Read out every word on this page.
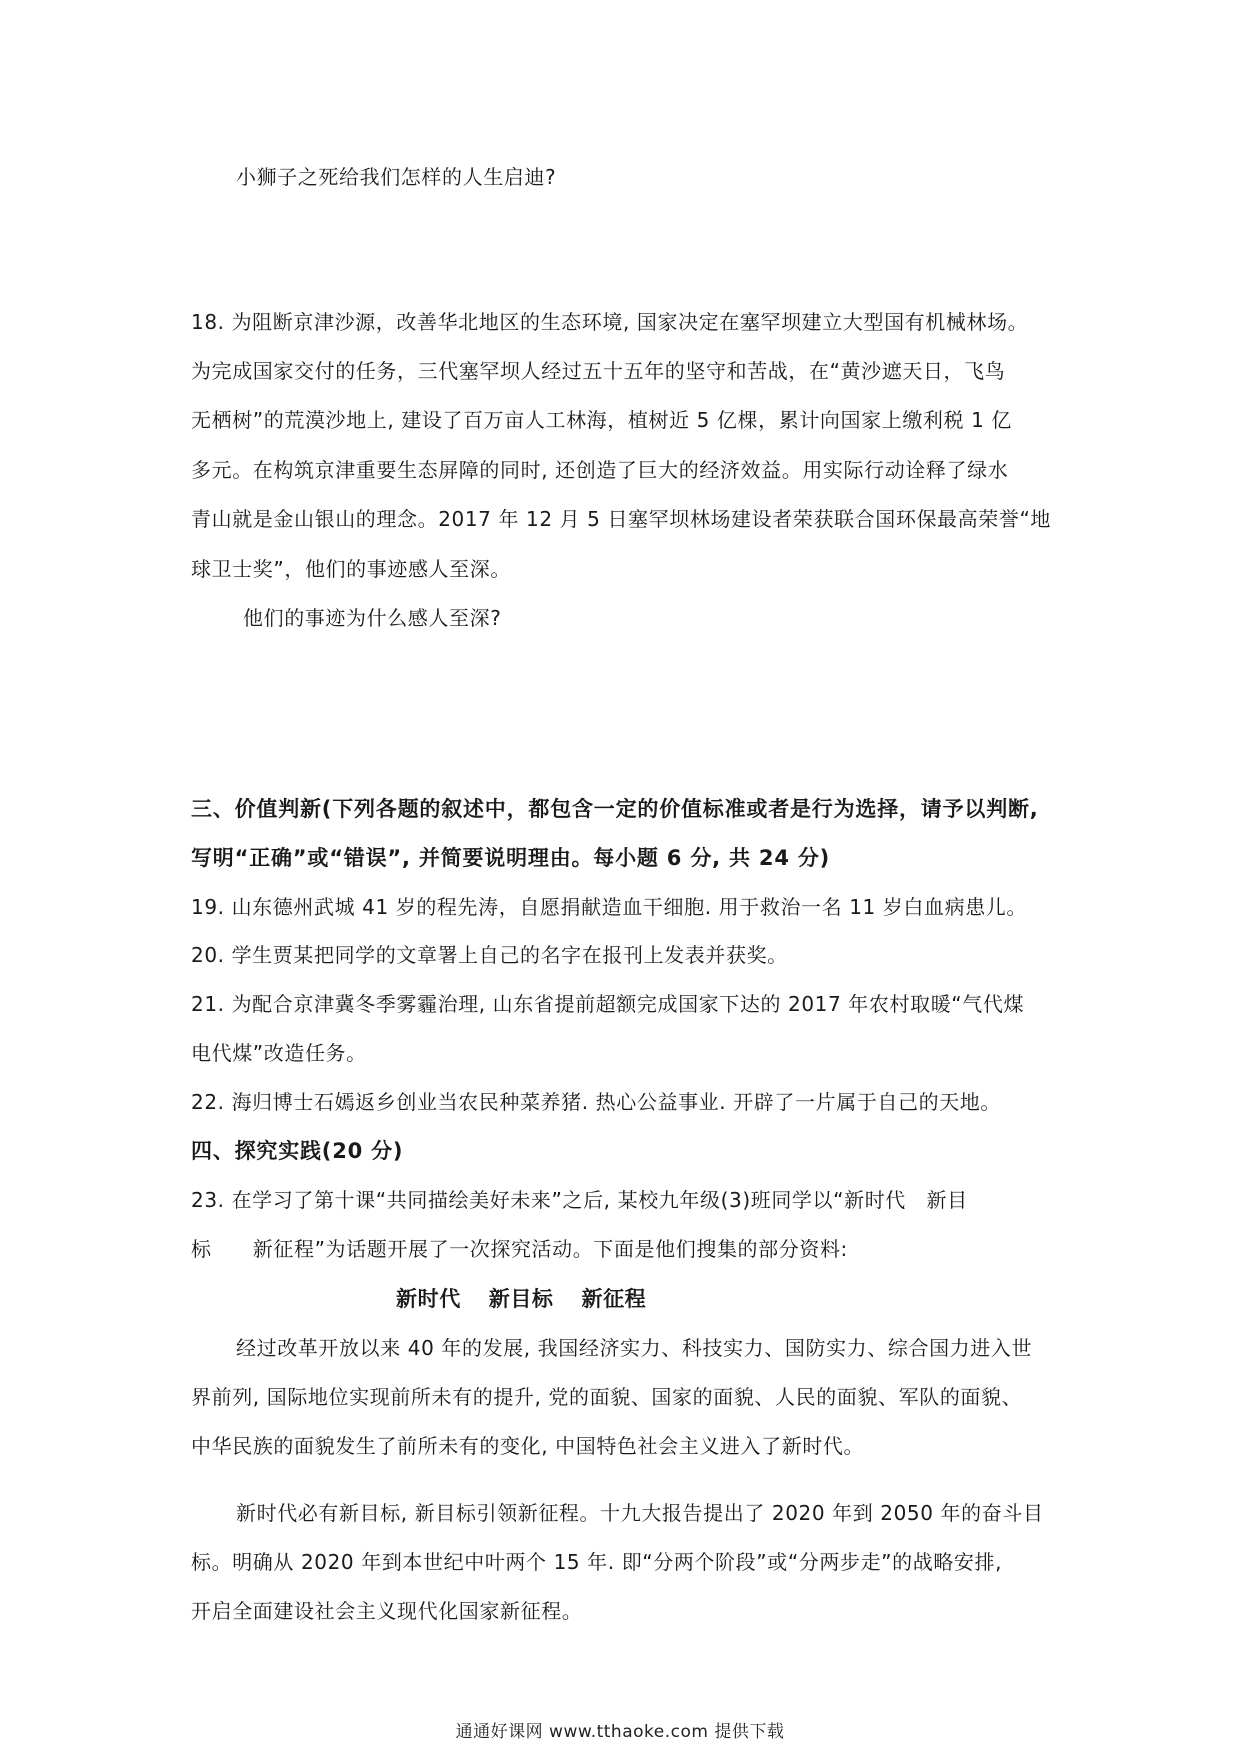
小狮子之死给我们怎样的人生启迪?
18. 为阻断京津沙源，改善华北地区的生态环境, 国家决定在塞罕坝建立大型国有机械林场。
为完成国家交付的任务，三代塞罕坝人经过五十五年的坚守和苦战，在“黄沙遮天日，飞鸟
无栖树”的荒漠沙地上, 建设了百万亩人工林海，植树近 5 亿棵，累计向国家上缴利税 1 亿
多元。在构筑京津重要生态屏障的同时, 还创造了巨大的经济效益。用实际行动诠释了绿水
青山就是金山银山的理念。2017 年 12 月 5 日塞罕坝林场建设者荣获联合国环保最高荣誉“地
球卫士奖”，他们的事迹感人至深。
他们的事迹为什么感人至深?
三、价值判新(下列各题的叙述中，都包含一定的价值标准或者是行为选择，请予以判断,
写明“正确”或“错误”, 并简要说明理由。每小题 6 分, 共 24 分)
19. 山东德州武城 41 岁的程先涛，自愿捐献造血干细胞. 用于救治一名 11 岁白血病患儿。
20. 学生贾某把同学的文章署上自己的名字在报刊上发表并获奖。
21. 为配合京津冀冬季雾霾治理, 山东省提前超额完成国家下达的 2017 年农村取暖“气代煤
电代煤”改造任务。
22. 海归博士石嫣返乡创业当农民种菜养猪. 热心公益事业. 开辟了一片属于自己的天地。
四、探究实践(20 分)
23. 在学习了第十课“共同描绘美好未来”之后, 某校九年级(3)班同学以“新时代　新目
标　　新征程”为话题开展了一次探究活动。下面是他们搜集的部分资料:
新时代 新目标 新征程
经过改革开放以来 40 年的发展, 我国经济实力、科技实力、国防实力、综合国力进入世
界前列, 国际地位实现前所未有的提升, 党的面貌、国家的面貌、人民的面貌、军队的面貌、
中华民族的面貌发生了前所未有的变化, 中国特色社会主义进入了新时代。
新时代必有新目标, 新目标引领新征程。十九大报告提出了 2020 年到 2050 年的奋斗目
标。明确从 2020 年到本世纪中叶两个 15 年. 即“分两个阶段”或“分两步走”的战略安排,
开启全面建设社会主义现代化国家新征程。
通通好课网 www.tthaoke.com 提供下载
